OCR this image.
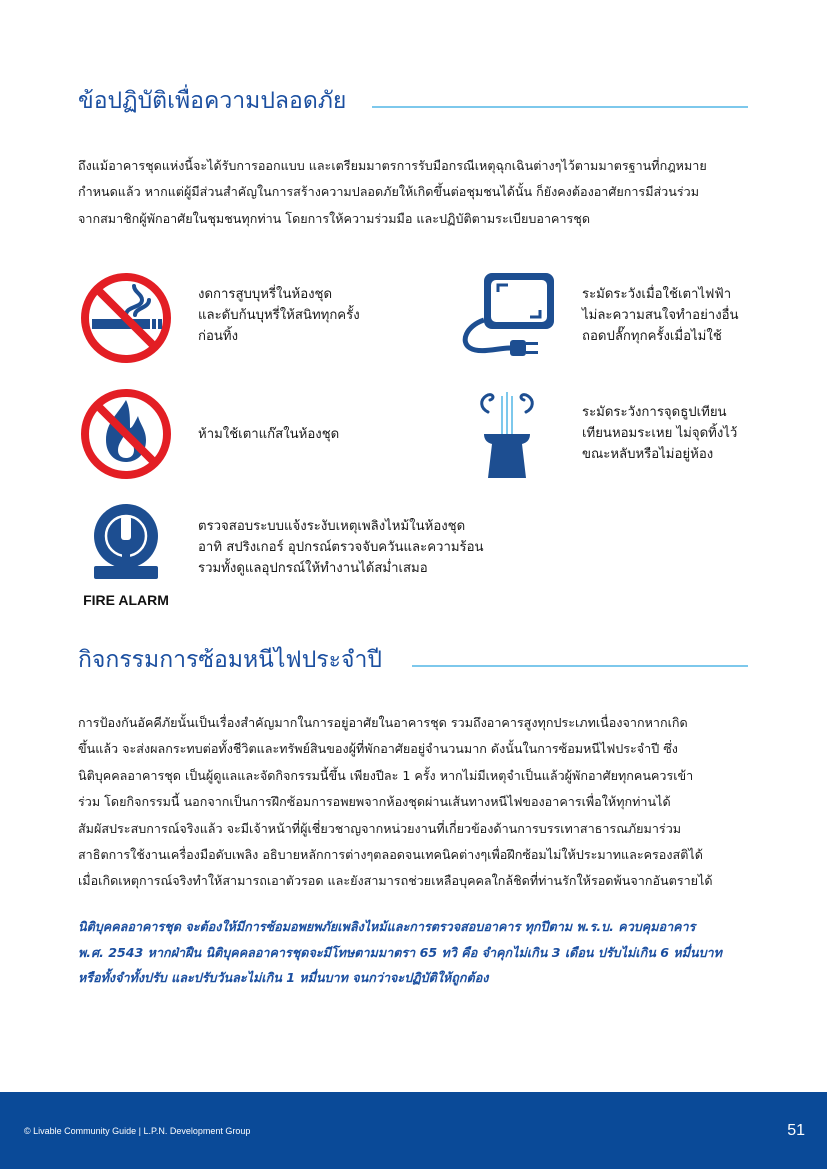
ข้อปฏิบัติเพื่อความปลอดภัย

ถึงแม้อาคารชุดแห่งนี้จะได้รับการออกแบบ และเตรียมมาตรการรับมือกรณีเหตุฉุกเฉินต่างๆไว้ตามมาตรฐานที่กฎหมาย
กำหนดแล้ว หากแต่ผู้มีส่วนสำคัญในการสร้างความปลอดภัยให้เกิดขึ้นต่อชุมชนได้นั้น ก็ยังคงต้องอาศัยการมีส่วนร่วม
จากสมาชิกผู้พักอาศัยในชุมชนทุกท่าน โดยการให้ความร่วมมือ และปฏิบัติตามระเบียบอาคารชุด

งดการสูบบุหรี่ในห้องชุด
และดับก้นบุหรี่ให้สนิททุกครั้ง
ก่อนทิ้ง

ห้ามใช้เตาแก๊สในห้องชุด

FIRE ALARM

ตรวจสอบระบบแจ้งระงับเหตุเพลิงไหม้ในห้องชุด
อาทิ สปริงเกอร์ อุปกรณ์ตรวจจับควันและความร้อน
รวมทั้งดูแลอุปกรณ์ให้ทำงานได้สม่ำเสมอ

ระมัดระวังเมื่อใช้เตาไฟฟ้า
ไม่ละความสนใจทำอย่างอื่น
ถอดปลั๊กทุกครั้งเมื่อไม่ใช้

ระมัดระวังการจุดธูปเทียน
เทียนหอมระเหย ไม่จุดทิ้งไว้
ขณะหลับหรือไม่อยู่ห้อง

กิจกรรมการซ้อมหนีไฟประจำปี

การป้องกันอัคคีภัยนั้นเป็นเรื่องสำคัญมากในการอยู่อาศัยในอาคารชุด รวมถึงอาคารสูงทุกประเภทเนื่องจากหากเกิด
ขึ้นแล้ว จะส่งผลกระทบต่อทั้งชีวิตและทรัพย์สินของผู้ที่พักอาศัยอยู่จำนวนมาก ดังนั้นในการซ้อมหนีไฟประจำปี ซึ่ง
นิติบุคคลอาคารชุด เป็นผู้ดูแลและจัดกิจกรรมนี้ขึ้น เพียงปีละ 1 ครั้ง หากไม่มีเหตุจำเป็นแล้วผู้พักอาศัยทุกคนควรเข้า
ร่วม โดยกิจกรรมนี้ นอกจากเป็นการฝึกซ้อมการอพยพจากห้องชุดผ่านเส้นทางหนีไฟของอาคารเพื่อให้ทุกท่านได้
สัมผัสประสบการณ์จริงแล้ว จะมีเจ้าหน้าที่ผู้เชี่ยวชาญจากหน่วยงานที่เกี่ยวข้องด้านการบรรเทาสาธารณภัยมาร่วม
สาธิตการใช้งานเครื่องมือดับเพลิง อธิบายหลักการต่างๆตลอดจนเทคนิคต่างๆเพื่อฝึกซ้อมไม่ให้ประมาทและครองสติได้
เมื่อเกิดเหตุการณ์จริงทำให้สามารถเอาตัวรอด และยังสามารถช่วยเหลือบุคคลใกล้ชิดที่ท่านรักให้รอดพ้นจากอันตรายได้

นิติบุคคลอาคารชุด จะต้องให้มีการซ้อมอพยพภัยเพลิงไหม้และการตรวจสอบอาคาร ทุกปีตาม พ.ร.บ. ควบคุมอาคาร
พ.ศ. 2543 หากฝ่าฝืน นิติบุคคลอาคารชุดจะมีโทษตามมาตรา 65 ทวิ คือ จำคุกไม่เกิน 3 เดือน ปรับไม่เกิน 6 หมื่นบาท
หรือทั้งจำทั้งปรับ และปรับวันละไม่เกิน 1 หมื่นบาท จนกว่าจะปฏิบัติให้ถูกต้อง

© Livable Community Guide | L.P.N. Development Group	51
